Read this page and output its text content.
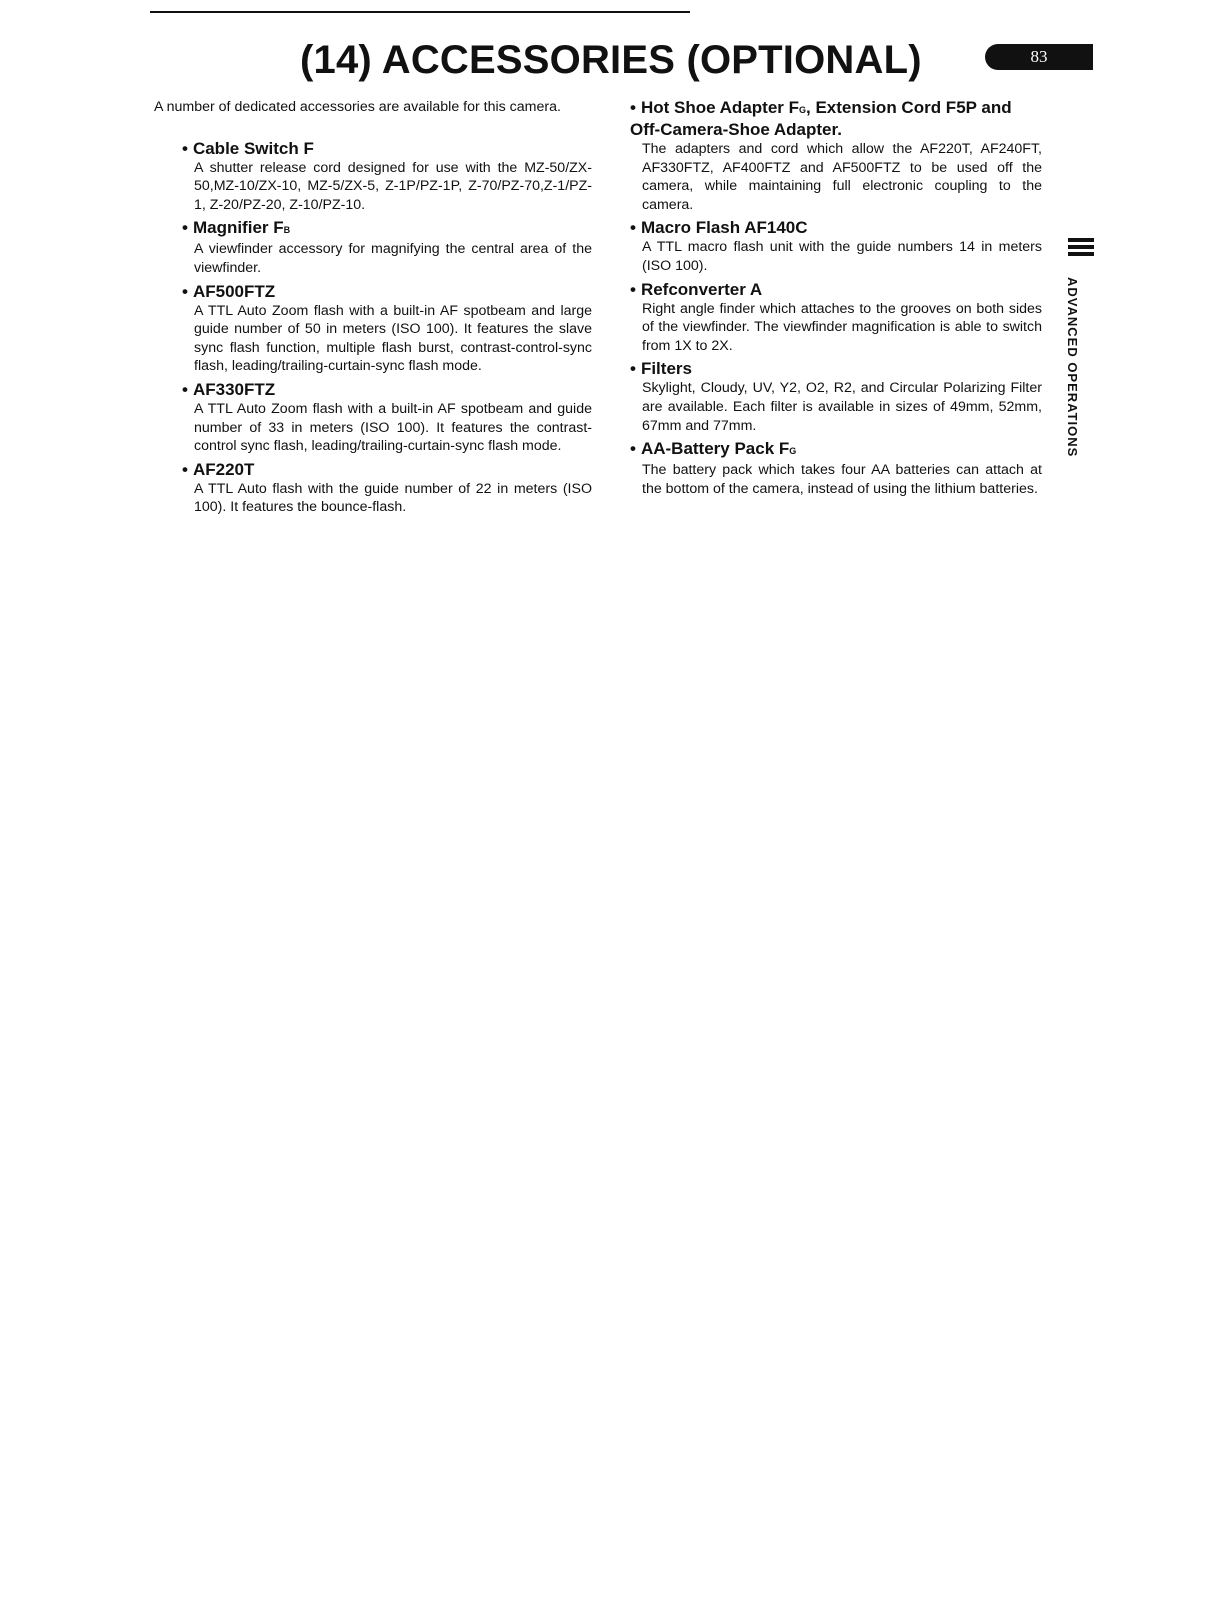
(14) ACCESSORIES (OPTIONAL)	83

A number of dedicated accessories are available for this camera.

• Cable Switch F

A shutter release cord designed for use with the MZ-50/ZX-50,MZ-10/ZX-10, MZ-5/ZX-5, Z-1P/PZ-1P, Z-70/PZ-70,Z-1/PZ-1, Z-20/PZ-20, Z-10/PZ-10.

• Magnifier FB

A viewfinder accessory for magnifying the central area of the viewfinder.

• AF500FTZ

A TTL Auto Zoom flash with a built-in AF spotbeam and large guide number of 50 in meters (ISO 100). It features the slave sync flash function, multiple flash burst, contrast-control-sync flash, leading/trailing-curtain-sync flash mode.

• AF330FTZ

A TTL Auto Zoom flash with a built-in AF spotbeam and guide number of 33 in meters (ISO 100). It features the contrast-control sync flash, leading/trailing-curtain-sync flash mode.

• AF220T

A TTL Auto flash with the guide number of 22 in meters (ISO 100). It features the bounce-flash.

• Hot Shoe Adapter FG, Extension Cord F5P and Off-Camera-Shoe Adapter.

The adapters and cord which allow the AF220T, AF240FT, AF330FTZ, AF400FTZ and AF500FTZ to be used off the camera, while maintaining full electronic coupling to the camera.

• Macro Flash AF140C

A TTL macro flash unit with the guide numbers 14 in meters (ISO 100).

• Refconverter A

Right angle finder which attaches to the grooves on both sides of the viewfinder. The viewfinder magnification is able to switch from 1X to 2X.

• Filters

Skylight, Cloudy, UV, Y2, O2, R2, and Circular Polarizing Filter are available. Each filter is available in sizes of 49mm, 52mm, 67mm and 77mm.

• AA-Battery Pack FG

The battery pack which takes four AA batteries can attach at the bottom of the camera, instead of using the lithium batteries.

ADVANCED OPERATIONS
